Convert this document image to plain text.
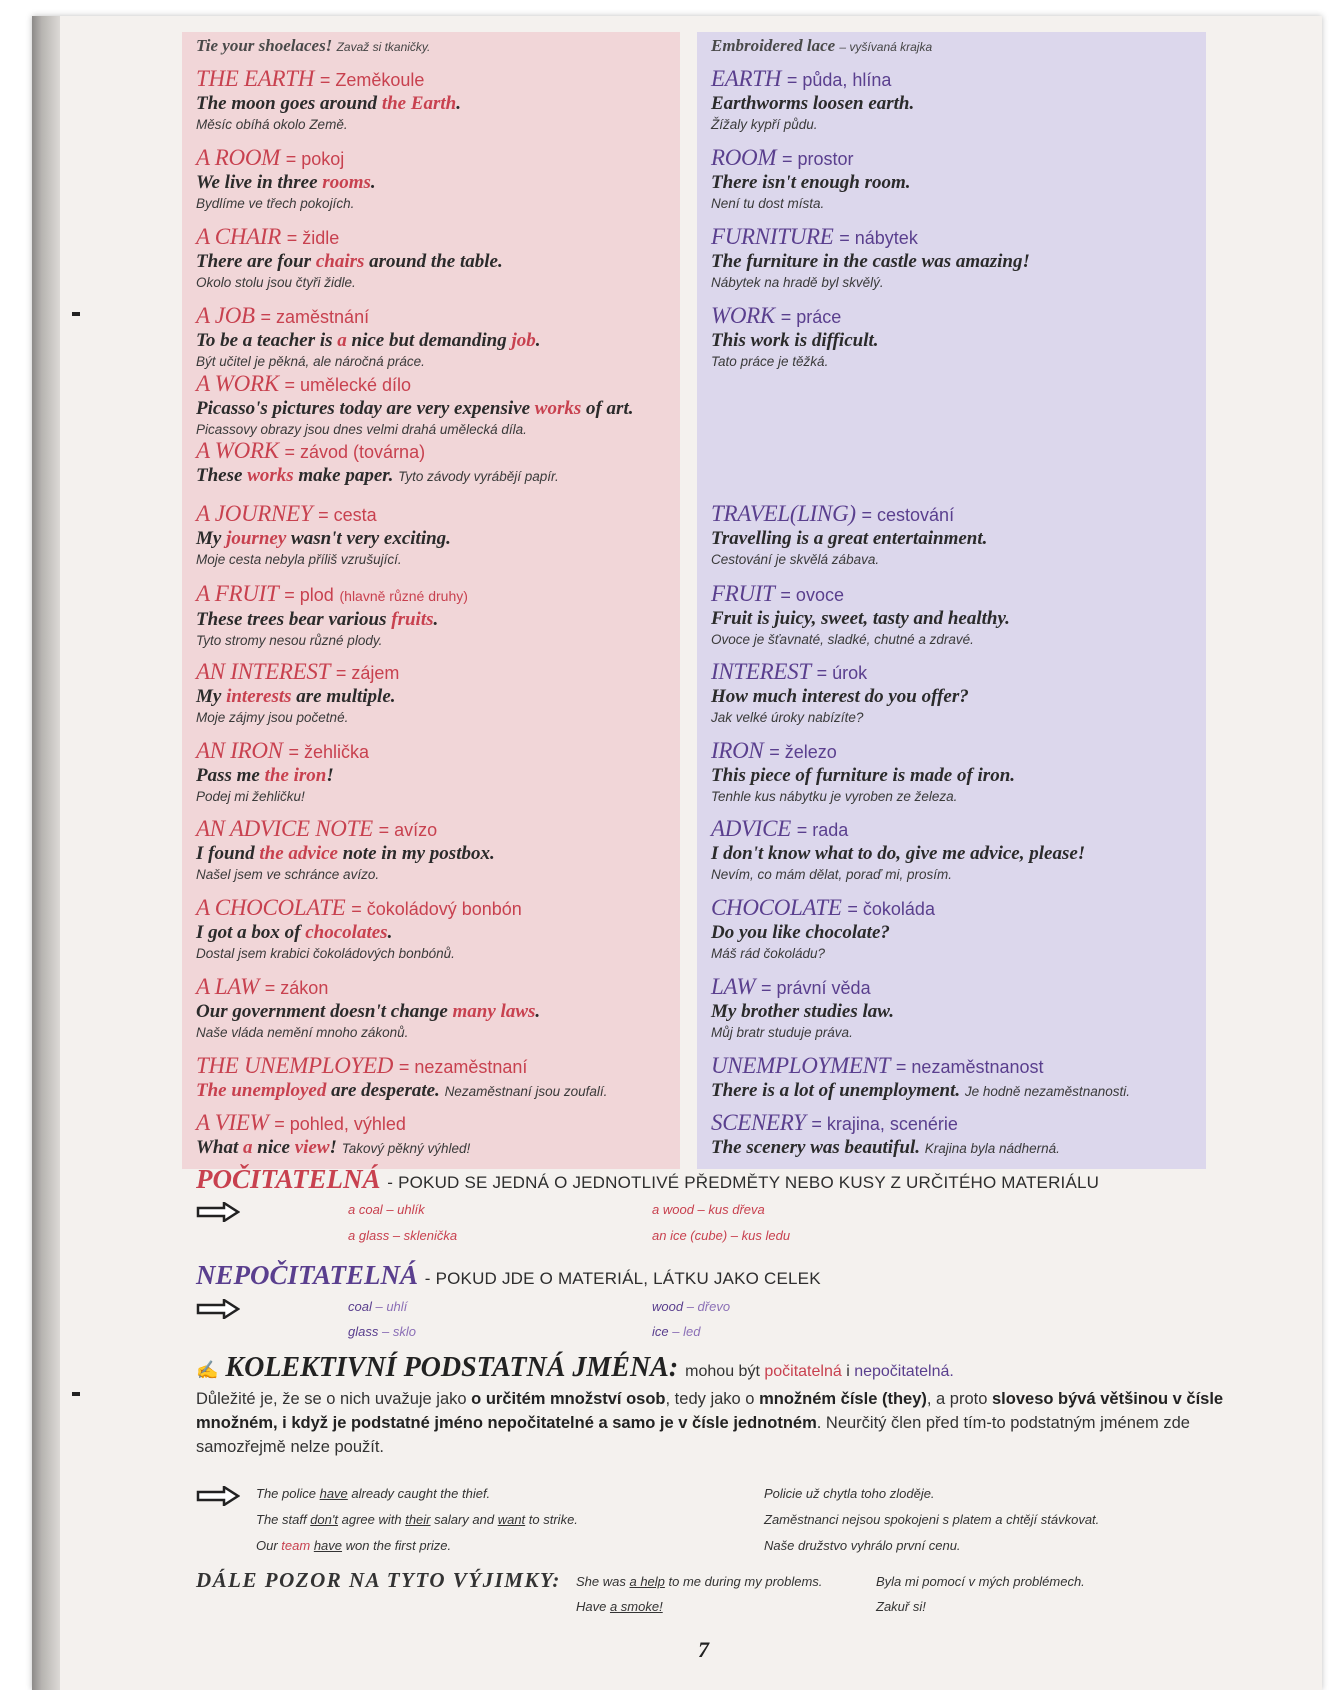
Tie your shoelaces! Zavaž si tkaničky.
THE EARTH = Zeměkoule
The moon goes around the Earth.
Měsíc obíhá okolo Země.
A ROOM = pokoj
We live in three rooms.
Bydlíme ve třech pokojích.
A CHAIR = židle
There are four chairs around the table.
Okolo stolu jsou čtyři židle.
A JOB = zaměstnání
To be a teacher is a nice but demanding job.
Být učitel je pěkná, ale náročná práce.
A WORK = umělecké dílo
Picasso's pictures today are very expensive works of art.
Picassovy obrazy jsou dnes velmi drahá umělecká díla.
A WORK = závod (továrna)
These works make paper. Tyto závody vyrábějí papír.
A JOURNEY = cesta
My journey wasn't very exciting.
Moje cesta nebyla příliš vzrušující.
A FRUIT = plod (hlavně různé druhy)
These trees bear various fruits.
Tyto stromy nesou různé plody.
AN INTEREST = zájem
My interests are multiple.
Moje zájmy jsou početné.
AN IRON = žehlička
Pass me the iron!
Podej mi žehličku!
AN ADVICE NOTE = avízo
I found the advice note in my postbox.
Našel jsem ve schránce avízo.
A CHOCOLATE = čokoládový bonbón
I got a box of chocolates.
Dostal jsem krabici čokoládových bonbónů.
A LAW = zákon
Our government doesn't change many laws.
Naše vláda nemění mnoho zákonů.
THE UNEMPLOYED = nezaměstnaní
The unemployed are desperate. Nezaměstnaní jsou zoufalí.
A VIEW = pohled, výhled
What a nice view! Takový pěkný výhled!
Embroidered lace – vyšívaná krajka
EARTH = půda, hlína
Earthworms loosen earth.
Žížaly kypří půdu.
ROOM = prostor
There isn't enough room.
Není tu dost místa.
FURNITURE = nábytek
The furniture in the castle was amazing!
Nábytek na hradě byl skvělý.
WORK = práce
This work is difficult.
Tato práce je těžká.
TRAVEL(LING) = cestování
Travelling is a great entertainment.
Cestování je skvělá zábava.
FRUIT = ovoce
Fruit is juicy, sweet, tasty and healthy.
Ovoce je šťavnaté, sladké, chutné a zdravé.
INTEREST = úrok
How much interest do you offer?
Jak velké úroky nabízíte?
IRON = železo
This piece of furniture is made of iron.
Tenhle kus nábytku je vyroben ze železa.
ADVICE = rada
I don't know what to do, give me advice, please!
Nevím, co mám dělat, poraď mi, prosím.
CHOCOLATE = čokoláda
Do you like chocolate?
Máš rád čokoládu?
LAW = právní věda
My brother studies law.
Můj bratr studuje práva.
UNEMPLOYMENT = nezaměstnanost
There is a lot of unemployment. Je hodně nezaměstnanosti.
SCENERY = krajina, scenérie
The scenery was beautiful. Krajina byla nádherná.
POČITATELNÁ - POKUD SE JEDNÁ O JEDNOTLIVÉ PŘEDMĚTY NEBO KUSY Z URČITÉHO MATERIÁLU
a coal – uhlík	a wood – kus dřeva
a glass – sklenička	an ice (cube) – kus ledu
NEPOČITATELNÁ - POKUD JDE O MATERIÁL, LÁTKU JAKO CELEK
coal – uhlí	wood – dřevo
glass – sklo	ice – led
✍ KOLEKTIVNÍ PODSTATNÁ JMÉNA: mohou být počitatelná i nepočitatelná.
Důležité je, že se o nich uvažuje jako o určitém množství osob, tedy jako o množném čísle (they), a proto sloveso bývá většinou v čísle množném, i když je podstatné jméno nepočitatelné a samo je v čísle jednotném. Neurčitý člen před tím-to podstatným jménem zde samozřejmě nelze použít.
The police have already caught the thief.	Policie už chytla toho zloděje.
The staff don't agree with their salary and want to strike.	Zaměstnanci nejsou spokojeni s platem a chtějí stávkovat.
Our team have won the first prize.	Naše družstvo vyhrálo první cenu.
DÁLE POZOR NA TYTO VÝJIMKY: She was a help to me during my problems.	Byla mi pomocí v mých problémech.
Have a smoke!	Zakuř si!
7
